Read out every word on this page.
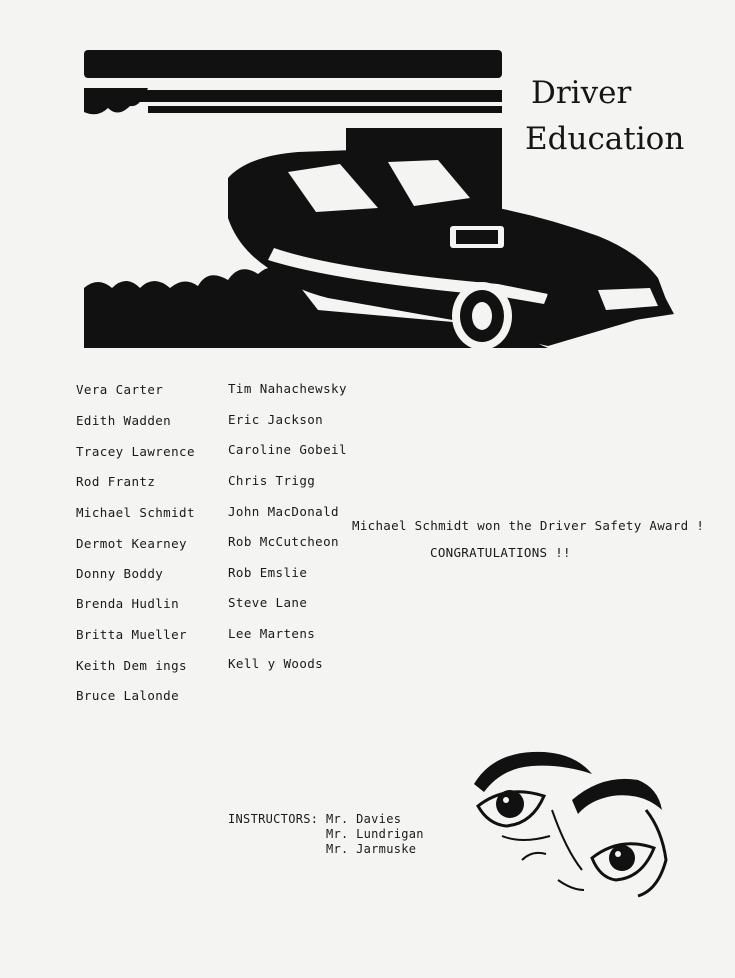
Driver
Education
Vera Carter
Edith Wadden
Tracey Lawrence
Rod Frantz
Michael Schmidt
Dermot Kearney
Donny Boddy
Brenda Hudlin
Britta Mueller
Keith Dem ings
Bruce Lalonde
Tim Nahachewsky
Eric Jackson
Caroline Gobeil
Chris Trigg
John MacDonald
Rob McCutcheon
Rob Emslie
Steve Lane
Lee Martens
Kell y Woods
Michael Schmidt won the Driver Safety Award !
CONGRATULATIONS !!
INSTRUCTORS: Mr. Davies
Mr. Lundrigan
Mr. Jarmuske
